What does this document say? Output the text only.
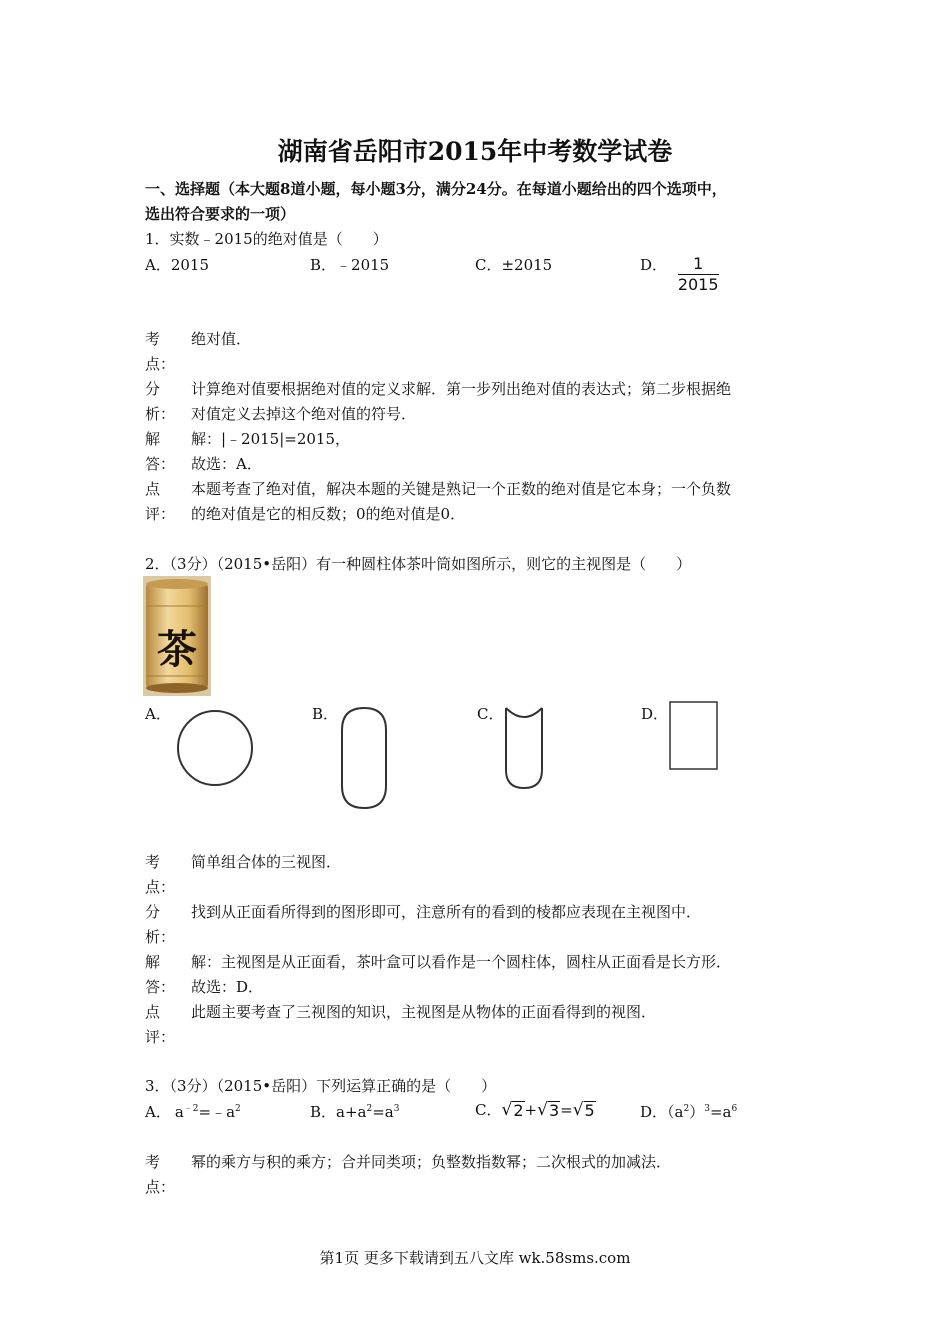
湖南省岳阳市2015年中考数学试卷
一、选择题（本大题8道小题，每小题3分，满分24分。在每道小题给出的四个选项中，
选出符合要求的一项）
1．实数﹣2015的绝对值是（　　）
A．2015	B．﹣2015	C．±2015	D． $\frac{1}{2015}$
考
点：
绝对值．
分
析：
计算绝对值要根据绝对值的定义求解．第一步列出绝对值的表达式；第二步根据绝
对值定义去掉这个绝对值的符号．
解
答：
解：|﹣2015|=2015，
故选：A．
点
评：
本题考查了绝对值，解决本题的关键是熟记一个正数的绝对值是它本身；一个负数
的绝对值是它的相反数；0的绝对值是0．
2．（3分）（2015•岳阳）有一种圆柱体茶叶筒如图所示，则它的主视图是（　　）
茶
A．	B．	C．	D．
考
点：
简单组合体的三视图．
分
析：
找到从正面看所得到的图形即可，注意所有的看到的棱都应表现在主视图中．
解
答：
解：主视图是从正面看，茶叶盒可以看作是一个圆柱体，圆柱从正面看是长方形．
故选：D．
点
评：
此题主要考查了三视图的知识，主视图是从物体的正面看得到的视图．
3．（3分）（2015•岳阳）下列运算正确的是（　　）
A． $a^{﹣2}=﹣a^2$	B．$a+a^2=a^3$	C． √ 2 + √ 3 = √ 5	D．$(a^2)^3=a^6$
考
点：
幂的乘方与积的乘方；合并同类项；负整数指数幂；二次根式的加减法．
第1页 更多下载请到五八文库 wk.58sms.com
